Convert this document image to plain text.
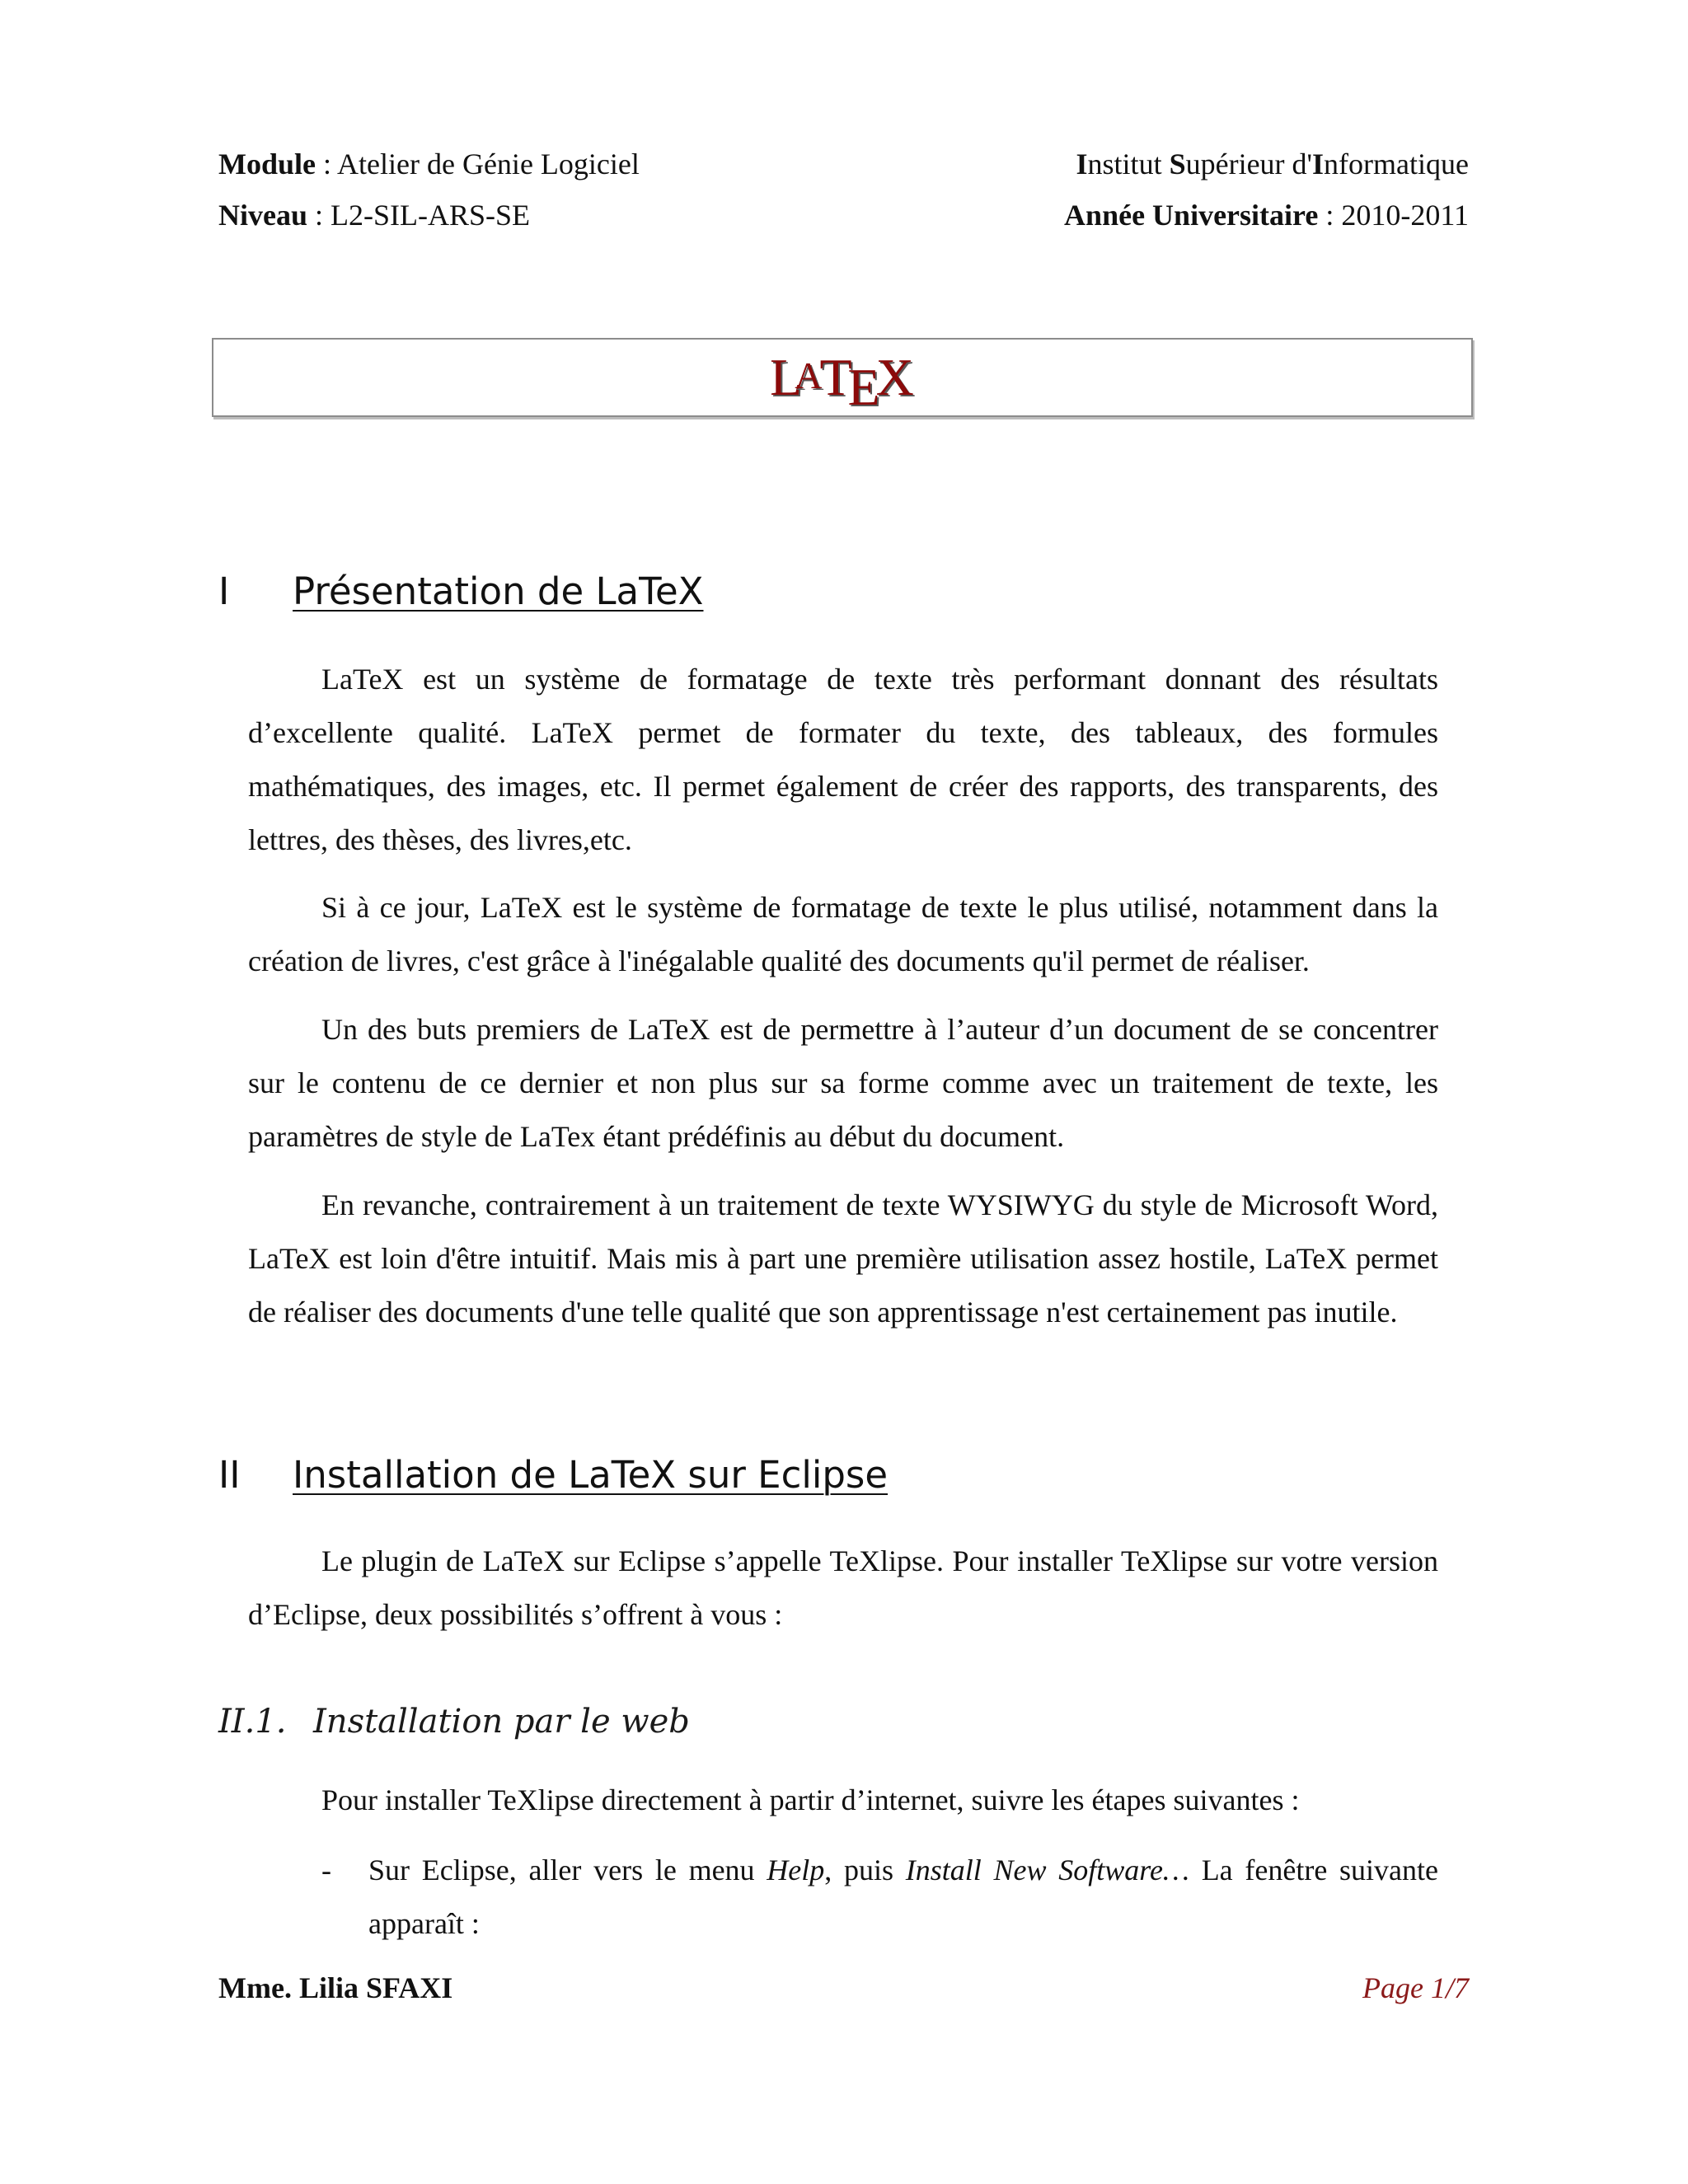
Module : Atelier de Génie Logiciel
Niveau : L2-SIL-ARS-SE
Institut Supérieur d'Informatique
Année Universitaire : 2010-2011
LATEX
I Présentation de LaTeX

LaTeX est un système de formatage de texte très performant donnant des résultats d’excellente qualité. LaTeX permet de formater du texte, des tableaux, des formules mathématiques, des images, etc. Il permet également de créer des rapports, des transparents, des lettres, des thèses, des livres,etc.

Si à ce jour, LaTeX est le système de formatage de texte le plus utilisé, notamment dans la création de livres, c'est grâce à l'inégalable qualité des documents qu'il permet de réaliser.

Un des buts premiers de LaTeX est de permettre à l’auteur d’un document de se concentrer sur le contenu de ce dernier et non plus sur sa forme comme avec un traitement de texte, les paramètres de style de LaTex étant prédéfinis au début du document.

En revanche, contrairement à un traitement de texte WYSIWYG du style de Microsoft Word, LaTeX est loin d'être intuitif. Mais mis à part une première utilisation assez hostile, LaTeX permet de réaliser des documents d'une telle qualité que son apprentissage n'est certainement pas inutile.

II Installation de LaTeX sur Eclipse

Le plugin de LaTeX sur Eclipse s’appelle TeXlipse. Pour installer TeXlipse sur votre version d’Eclipse, deux possibilités s’offrent à vous :

II.1. Installation par le web

Pour installer TeXlipse directement à partir d’internet, suivre les étapes suivantes :

- Sur Eclipse, aller vers le menu Help, puis Install New Software… La fenêtre suivante apparaît :
Mme. Lilia SFAXI	Page 1/7
